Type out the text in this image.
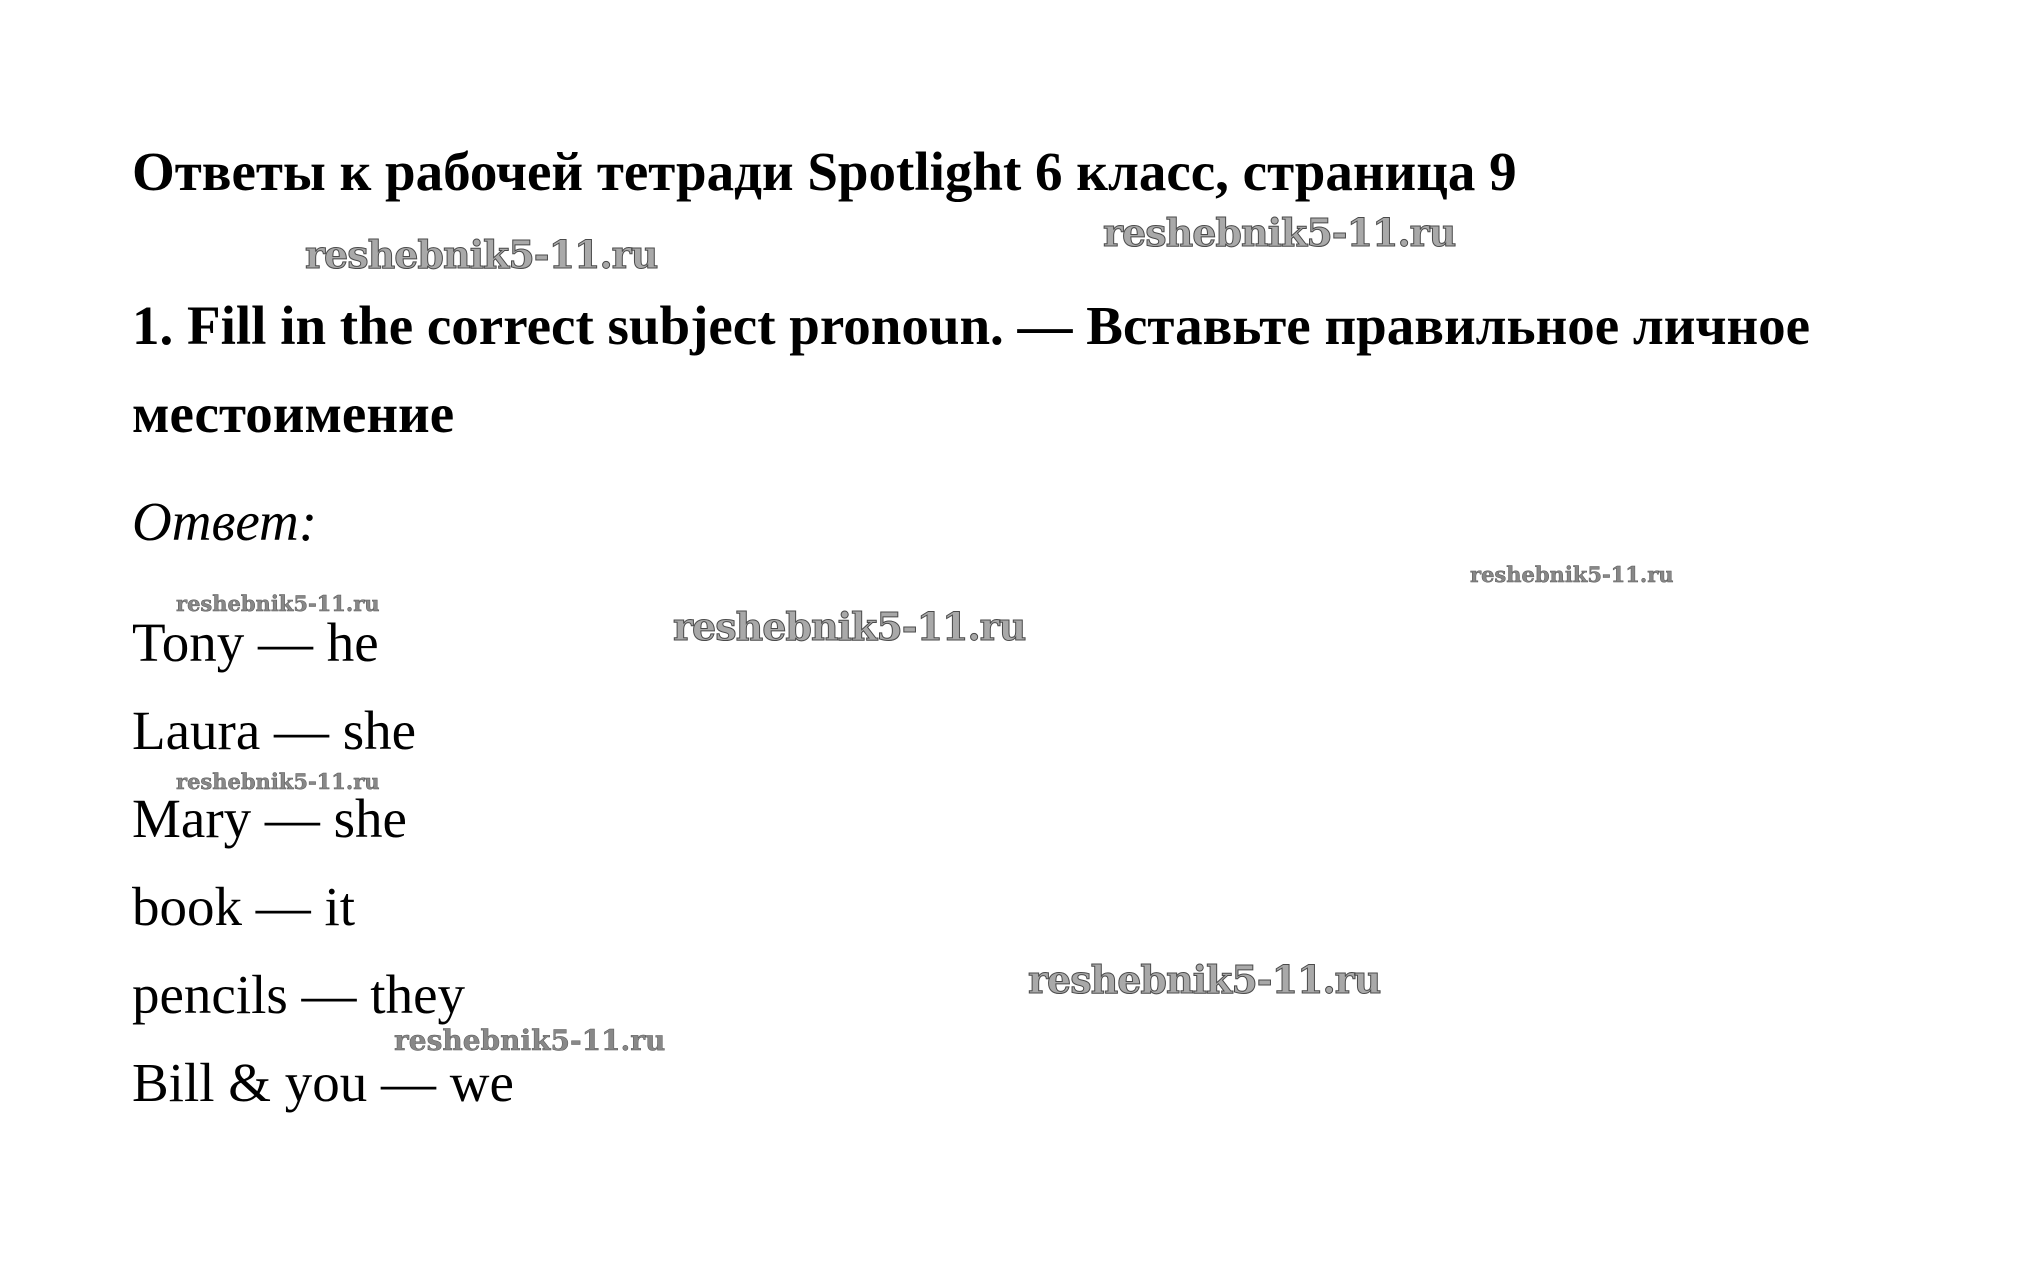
Ответы к рабочей тетради Spotlight 6 класс, страница 9

1. Fill in the correct subject pronoun. — Вставьте правильное личное местоимение

Ответ:

Tony — he
Laura — she
Mary — she
book — it
pencils — they
Bill & you — we
reshebnik5-11.ru	reshebnik5-11.ru
reshebnik5-11.ru
reshebnik5-11.ru
reshebnik5-11.ru
reshebnik5-11.ru
reshebnik5-11.ru
reshebnik5-11.ru
